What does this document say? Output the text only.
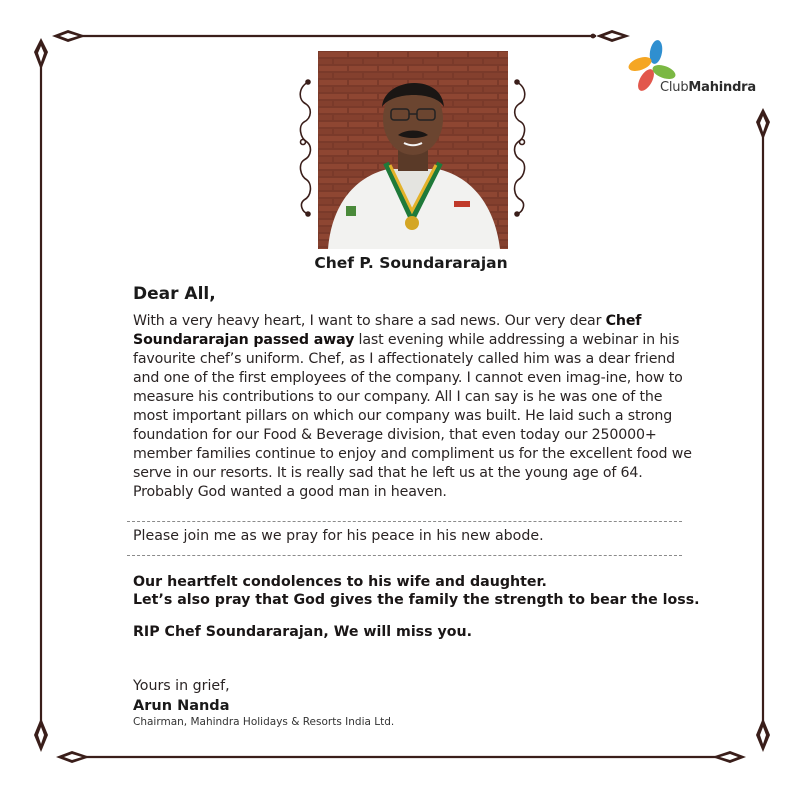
ClubMahindra
Chef P. Soundararajan
Dear All,
With a very heavy heart, I want to share a sad news. Our very dear Chef Soundararajan passed away last evening while addressing a webinar in his favourite chef’s uniform. Chef, as I affectionately called him was a dear friend and one of the first employees of the company. I cannot even imag-ine, how to measure his contributions to our company. All I can say is he was one of the most important pillars on which our company was built. He laid such a strong foundation for our Food & Beverage division, that even today our 250000+ member families continue to enjoy and compliment us for the excellent food we serve in our resorts. It is really sad that he left us at the young age of 64. Probably God wanted a good man in heaven.
Please join me as we pray for his peace in his new abode.
Our heartfelt condolences to his wife and daughter.
Let’s also pray that God gives the family the strength to bear the loss.
RIP Chef Soundararajan, We will miss you.
Yours in grief,
Arun Nanda
Chairman, Mahindra Holidays & Resorts India Ltd.
